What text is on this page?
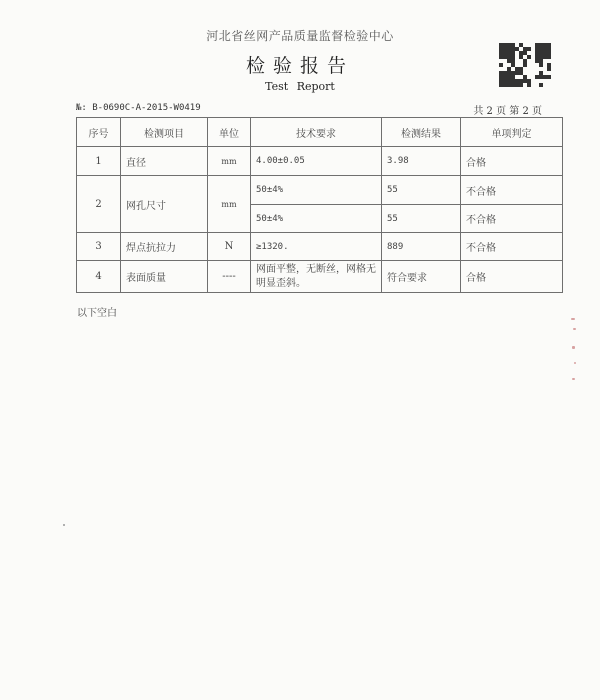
河北省丝网产品质量监督检验中心
检验报告
Test Report
№: B-0690C-A-2015-W0419	共 2 页 第 2 页
序号	检测项目	单位	技术要求	检测结果	单项判定
1	直径	mm	4.00±0.05	3.98	合格
2	网孔尺寸	mm	50±4%	55	不合格
			50±4%	55	不合格
3	焊点抗拉力	N	≥1320.	889	不合格
4	表面质量	----	网面平整，无断丝，网格无明显歪斜。	符合要求	合格
以下空白
